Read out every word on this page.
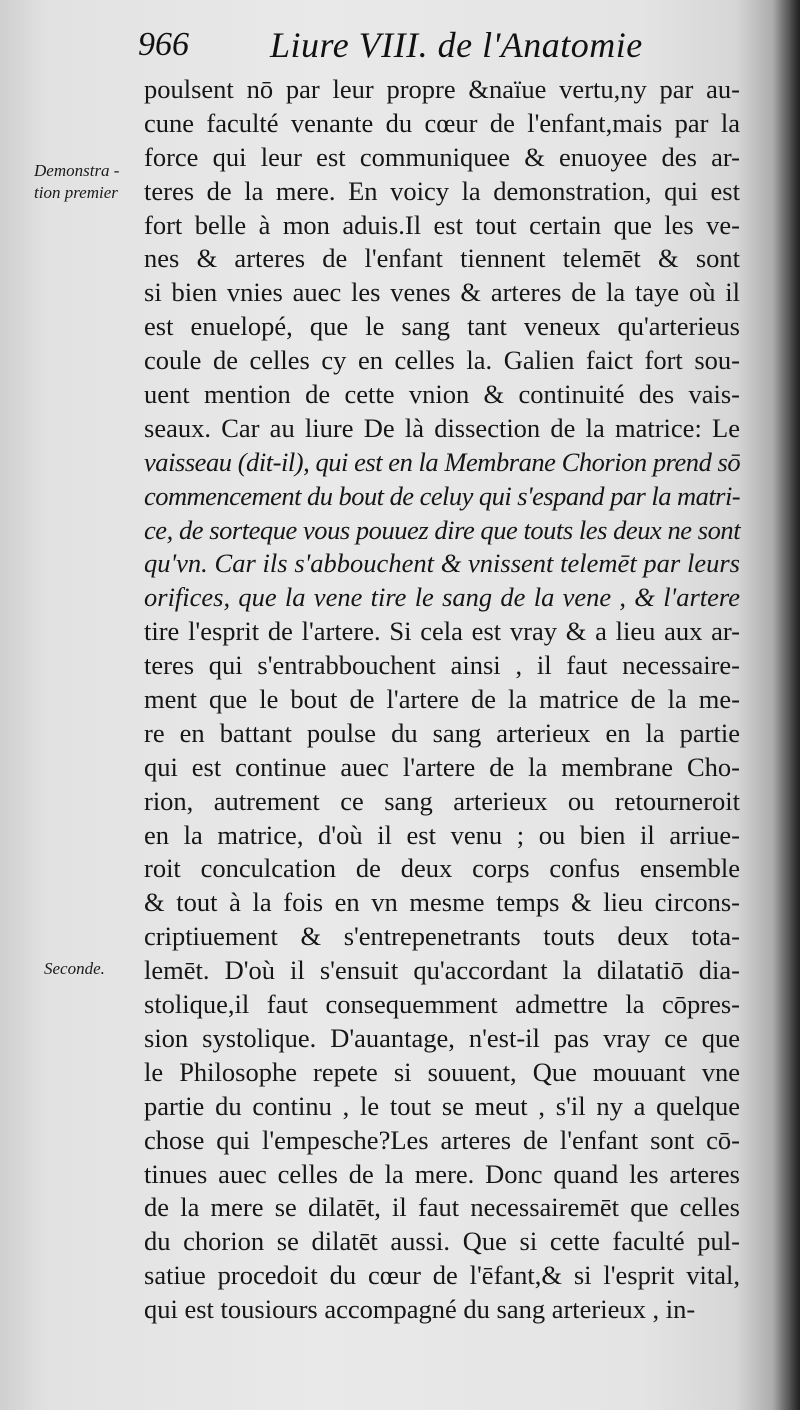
966 Liure VIII. de l'Anatomie
Demonstra -
tion premier
Seconde.
poulsent nō par leur propre &naïue vertu,ny par au-
cune faculté venante du cœur de l'enfant,mais par la
force qui leur est communiquee & enuoyee des ar-
teres de la mere. En voicy la demonstration, qui est
fort belle à mon aduis.Il est tout certain que les ve-
nes & arteres de l'enfant tiennent telemēt & sont
si bien vnies auec les venes & arteres de la taye où il
est enuelopé, que le sang tant veneux qu'arterieus
coule de celles cy en celles la. Galien faict fort sou-
uent mention de cette vnion & continuité des vais-
seaux. Car au liure De là dissection de la matrice: Le
vaisseau (dit-il), qui est en la Membrane Chorion prend sō
commencement du bout de celuy qui s'espand par la matri-
ce, de sorteque vous pouuez dire que touts les deux ne sont
qu'vn. Car ils s'abbouchent & vnissent telemēt par leurs
orifices, que la vene tire le sang de la vene , & l'artere
tire l'esprit de l'artere. Si cela est vray & a lieu aux ar-
teres qui s'entrabbouchent ainsi , il faut necessaire-
ment que le bout de l'artere de la matrice de la me-
re en battant poulse du sang arterieux en la partie
qui est continue auec l'artere de la membrane Cho-
rion, autrement ce sang arterieux ou retourneroit
en la matrice, d'où il est venu ; ou bien il arriue-
roit conculcation de deux corps confus ensemble
& tout à la fois en vn mesme temps & lieu circons-
criptiuement & s'entrepenetrants touts deux tota-
lemēt. D'où il s'ensuit qu'accordant la dilatatiō dia-
stolique,il faut consequemment admettre la cōpres-
sion systolique. D'auantage, n'est-il pas vray ce que
le Philosophe repete si souuent, Que mouuant vne
partie du continu , le tout se meut , s'il ny a quelque
chose qui l'empesche?Les arteres de l'enfant sont cō-
tinues auec celles de la mere. Donc quand les arteres
de la mere se dilatēt, il faut necessairemēt que celles
du chorion se dilatēt aussi. Que si cette faculté pul-
satiue procedoit du cœur de l'ēfant,& si l'esprit vital,
qui est tousiours accompagné du sang arterieux , in-
